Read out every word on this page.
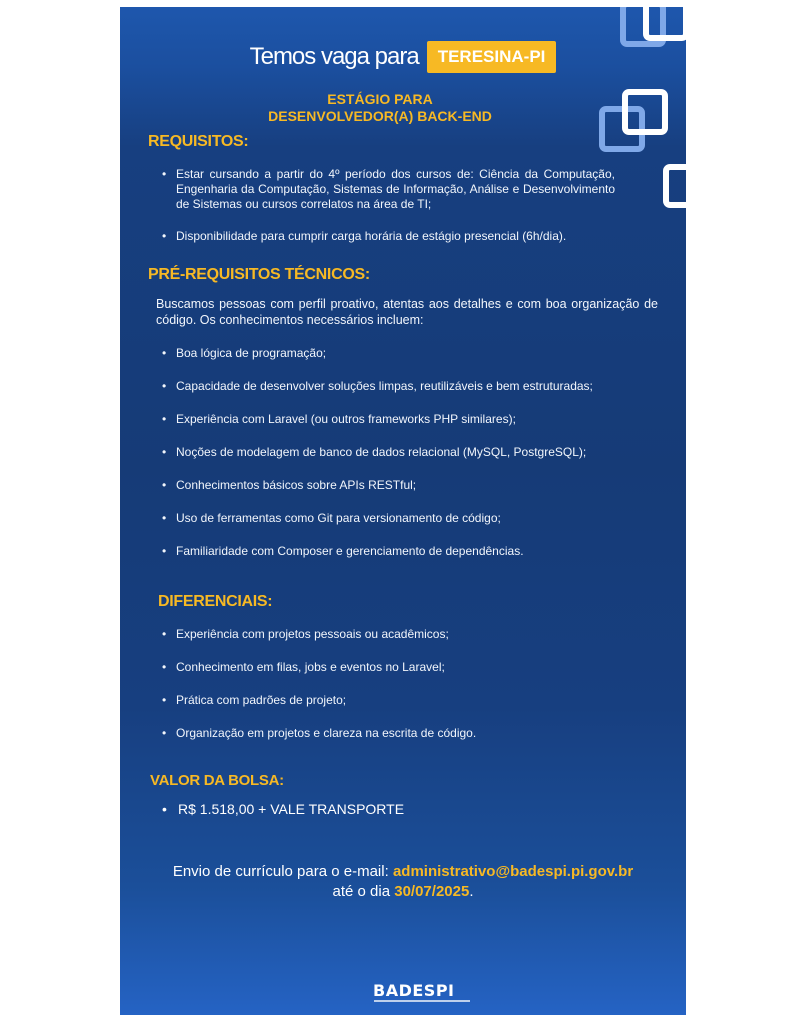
Temos vaga para TERESINA-PI
ESTÁGIO PARA
DESENVOLVEDOR(A) BACK-END
REQUISITOS:
• Estar cursando a partir do 4º período dos cursos de: Ciência da Computação, Engenharia da Computação, Sistemas de Informação, Análise e Desenvolvimento de Sistemas ou cursos correlatos na área de TI;
• Disponibilidade para cumprir carga horária de estágio presencial (6h/dia).
PRÉ-REQUISITOS TÉCNICOS:
Buscamos pessoas com perfil proativo, atentas aos detalhes e com boa organização de código. Os conhecimentos necessários incluem:
• Boa lógica de programação;
• Capacidade de desenvolver soluções limpas, reutilizáveis e bem estruturadas;
• Experiência com Laravel (ou outros frameworks PHP similares);
• Noções de modelagem de banco de dados relacional (MySQL, PostgreSQL);
• Conhecimentos básicos sobre APIs RESTful;
• Uso de ferramentas como Git para versionamento de código;
• Familiaridade com Composer e gerenciamento de dependências.
DIFERENCIAIS:
• Experiência com projetos pessoais ou acadêmicos;
• Conhecimento em filas, jobs e eventos no Laravel;
• Prática com padrões de projeto;
• Organização em projetos e clareza na escrita de código.
VALOR DA BOLSA:
• R$ 1.518,00 + VALE TRANSPORTE
Envio de currículo para o e-mail: administrativo@badespi.pi.gov.br
até o dia 30/07/2025.
BADESPI
